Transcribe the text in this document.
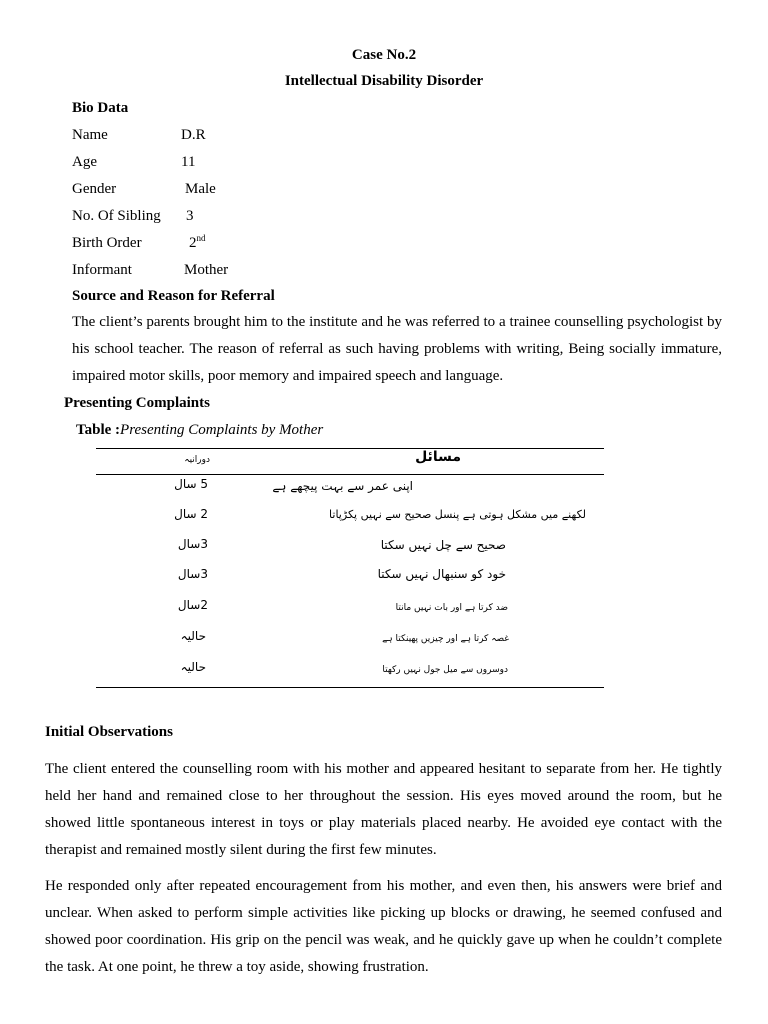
Case No.2
Intellectual Disability Disorder
Bio Data
Name	D.R
Age	11
Gender	Male
No. Of Sibling 3
Birth Order	2nd
Informant	Mother
Source and Reason for Referral
The client’s parents brought him to the institute and he was referred to a trainee counselling psychologist by his school teacher. The reason of referral as such having problems with writing, Being socially immature, impaired motor skills, poor memory and impaired speech and language.
Presenting Complaints
Table :Presenting Complaints by Mother
دورانیہ	مسائل
5 سال	اپنی عمر سے بہت پیچھے ہے
2 سال	لکھنے میں مشکل ہوتی ہے پنسل صحیح سے نہیں پکڑپاتا
3سال	صحیح سے چل نہیں سکتا
3سال	خود کو سنبھال نہیں سکتا
2سال	ضد کرتا ہے اور بات نہیں مانتا
حالیہ	غصہ کرتا ہے اور چیزیں پھینکتا ہے
حالیہ	دوسروں سے میل جول نہیں رکھتا
Initial Observations
The client entered the counselling room with his mother and appeared hesitant to separate from her. He tightly held her hand and remained close to her throughout the session. His eyes moved around the room, but he showed little spontaneous interest in toys or play materials placed nearby. He avoided eye contact with the therapist and remained mostly silent during the first few minutes.
He responded only after repeated encouragement from his mother, and even then, his answers were brief and unclear. When asked to perform simple activities like picking up blocks or drawing, he seemed confused and showed poor coordination. His grip on the pencil was weak, and he quickly gave up when he couldn’t complete the task. At one point, he threw a toy aside, showing frustration.
